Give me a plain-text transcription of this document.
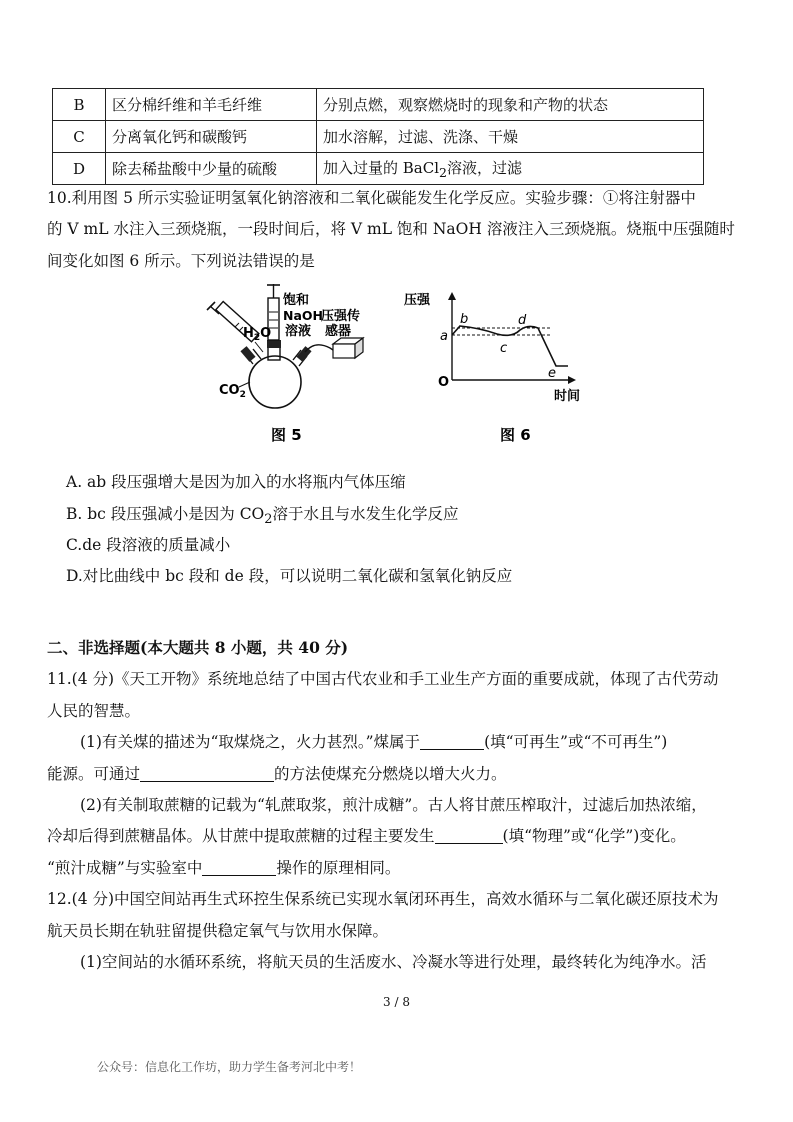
B	区分棉纤维和羊毛纤维	分别点燃，观察燃烧时的现象和产物的状态
C	分离氧化钙和碳酸钙	加水溶解，过滤、洗涤、干燥
D	除去稀盐酸中少量的硫酸	加入过量的 BaCl$_2$溶液，过滤
10.利用图 5 所示实验证明氢氧化钠溶液和二氧化碳能发生化学反应。实验步骤：①将注射器中
的 V mL 水注入三颈烧瓶，一段时间后，将 V mL 饱和 NaOH 溶液注入三颈烧瓶。烧瓶中压强随时
间变化如图 6 所示。下列说法错误的是
饱和
NaOH
溶液
压强传
感器
$H_2O$
$CO_2$
图 5
压强
时间
O
a
b
c
d
e
图 6
A. ab 段压强增大是因为加入的水将瓶内气体压缩
B. bc 段压强减小是因为 $CO_2$溶于水且与水发生化学反应
C.de 段溶液的质量减小
D.对比曲线中 bc 段和 de 段，可以说明二氧化碳和氢氧化钠反应
二、非选择题(本大题共 8 小题，共 40 分)
11.(4 分)《天工开物》系统地总结了中国古代农业和手工业生产方面的重要成就，体现了古代劳动
人民的智慧。
(1)有关煤的描述为“取煤烧之，火力甚烈。”煤属于	(填“可再生”或“不可再生”)
能源。可通过	的方法使煤充分燃烧以增大火力。
(2)有关制取蔗糖的记载为“轧蔗取浆，煎汁成糖”。古人将甘蔗压榨取汁，过滤后加热浓缩，
冷却后得到蔗糖晶体。从甘蔗中提取蔗糖的过程主要发生	(填“物理”或“化学”)变化。
“煎汁成糖”与实验室中	操作的原理相同。
12.(4 分)中国空间站再生式环控生保系统已实现水氧闭环再生，高效水循环与二氧化碳还原技术为
航天员长期在轨驻留提供稳定氧气与饮用水保障。
(1)空间站的水循环系统，将航天员的生活废水、冷凝水等进行处理，最终转化为纯净水。活
3 / 8
公众号：信息化工作坊，助力学生备考河北中考！
